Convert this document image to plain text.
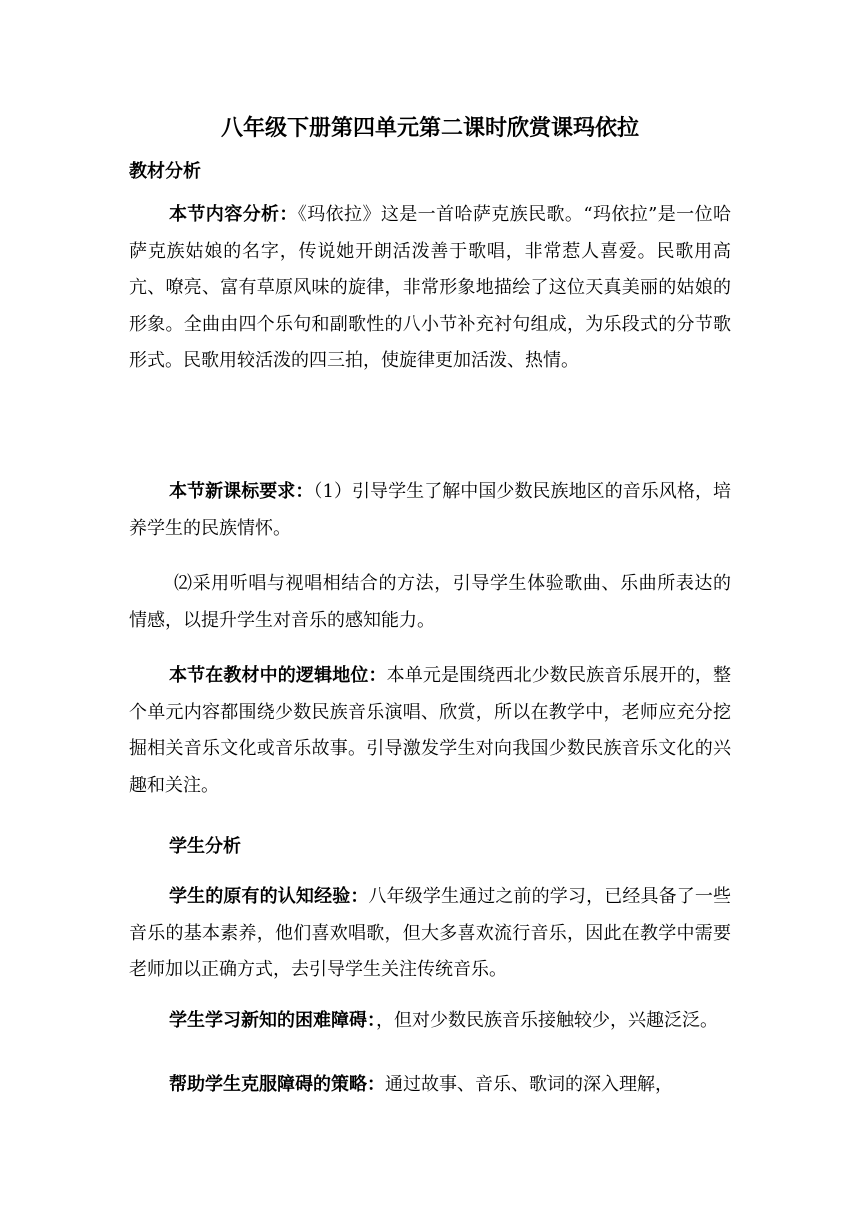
八年级下册第四单元第二课时欣赏课玛依拉
教材分析

本节内容分析：《玛依拉》这是一首哈萨克族民歌。“玛依拉”是一位哈萨克族姑娘的名字，传说她开朗活泼善于歌唱，非常惹人喜爱。民歌用高亢、嘹亮、富有草原风味的旋律，非常形象地描绘了这位天真美丽的姑娘的形象。全曲由四个乐句和副歌性的八小节补充衬句组成，为乐段式的分节歌形式。民歌用较活泼的四三拍，使旋律更加活泼、热情。

本节新课标要求：（1）引导学生了解中国少数民族地区的音乐风格，培养学生的民族情怀。

⑵采用听唱与视唱相结合的方法，引导学生体验歌曲、乐曲所表达的情感，以提升学生对音乐的感知能力。

本节在教材中的逻辑地位：本单元是围绕西北少数民族音乐展开的，整个单元内容都围绕少数民族音乐演唱、欣赏，所以在教学中，老师应充分挖掘相关音乐文化或音乐故事。引导激发学生对向我国少数民族音乐文化的兴趣和关注。

学生分析

学生的原有的认知经验：八年级学生通过之前的学习，已经具备了一些音乐的基本素养，他们喜欢唱歌，但大多喜欢流行音乐，因此在教学中需要老师加以正确方式，去引导学生关注传统音乐。

学生学习新知的困难障碍：，但对少数民族音乐接触较少，兴趣泛泛。

帮助学生克服障碍的策略：通过故事、音乐、歌词的深入理解，
